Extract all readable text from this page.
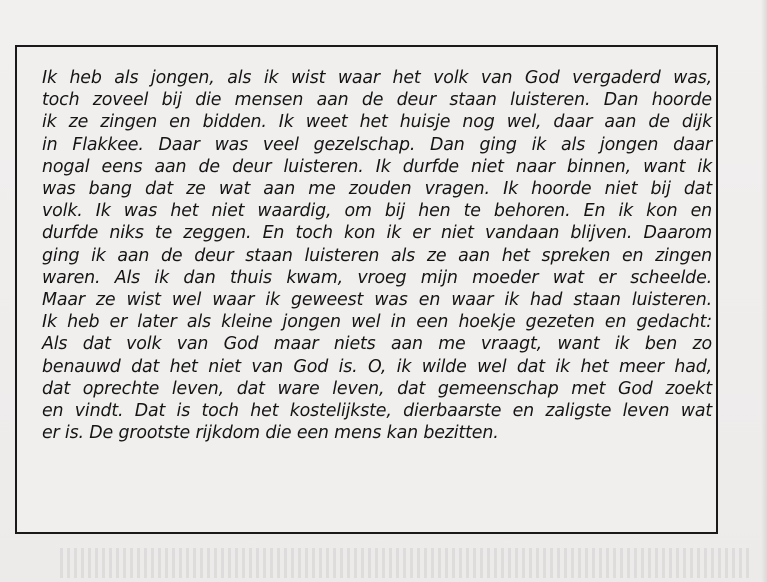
Ik heb als jongen, als ik wist waar het volk van God vergaderd was,
toch zoveel bij die mensen aan de deur staan luisteren. Dan hoorde
ik ze zingen en bidden. Ik weet het huisje nog wel, daar aan de dijk
in Flakkee. Daar was veel gezelschap. Dan ging ik als jongen daar
nogal eens aan de deur luisteren. Ik durfde niet naar binnen, want ik
was bang dat ze wat aan me zouden vragen. Ik hoorde niet bij dat
volk. Ik was het niet waardig, om bij hen te behoren. En ik kon en
durfde niks te zeggen. En toch kon ik er niet vandaan blijven. Daarom
ging ik aan de deur staan luisteren als ze aan het spreken en zingen
waren. Als ik dan thuis kwam, vroeg mijn moeder wat er scheelde.
Maar ze wist wel waar ik geweest was en waar ik had staan luisteren.
Ik heb er later als kleine jongen wel in een hoekje gezeten en gedacht:
Als dat volk van God maar niets aan me vraagt, want ik ben zo
benauwd dat het niet van God is. O, ik wilde wel dat ik het meer had,
dat oprechte leven, dat ware leven, dat gemeenschap met God zoekt
en vindt. Dat is toch het kostelijkste, dierbaarste en zaligste leven wat
er is. De grootste rijkdom die een mens kan bezitten.
